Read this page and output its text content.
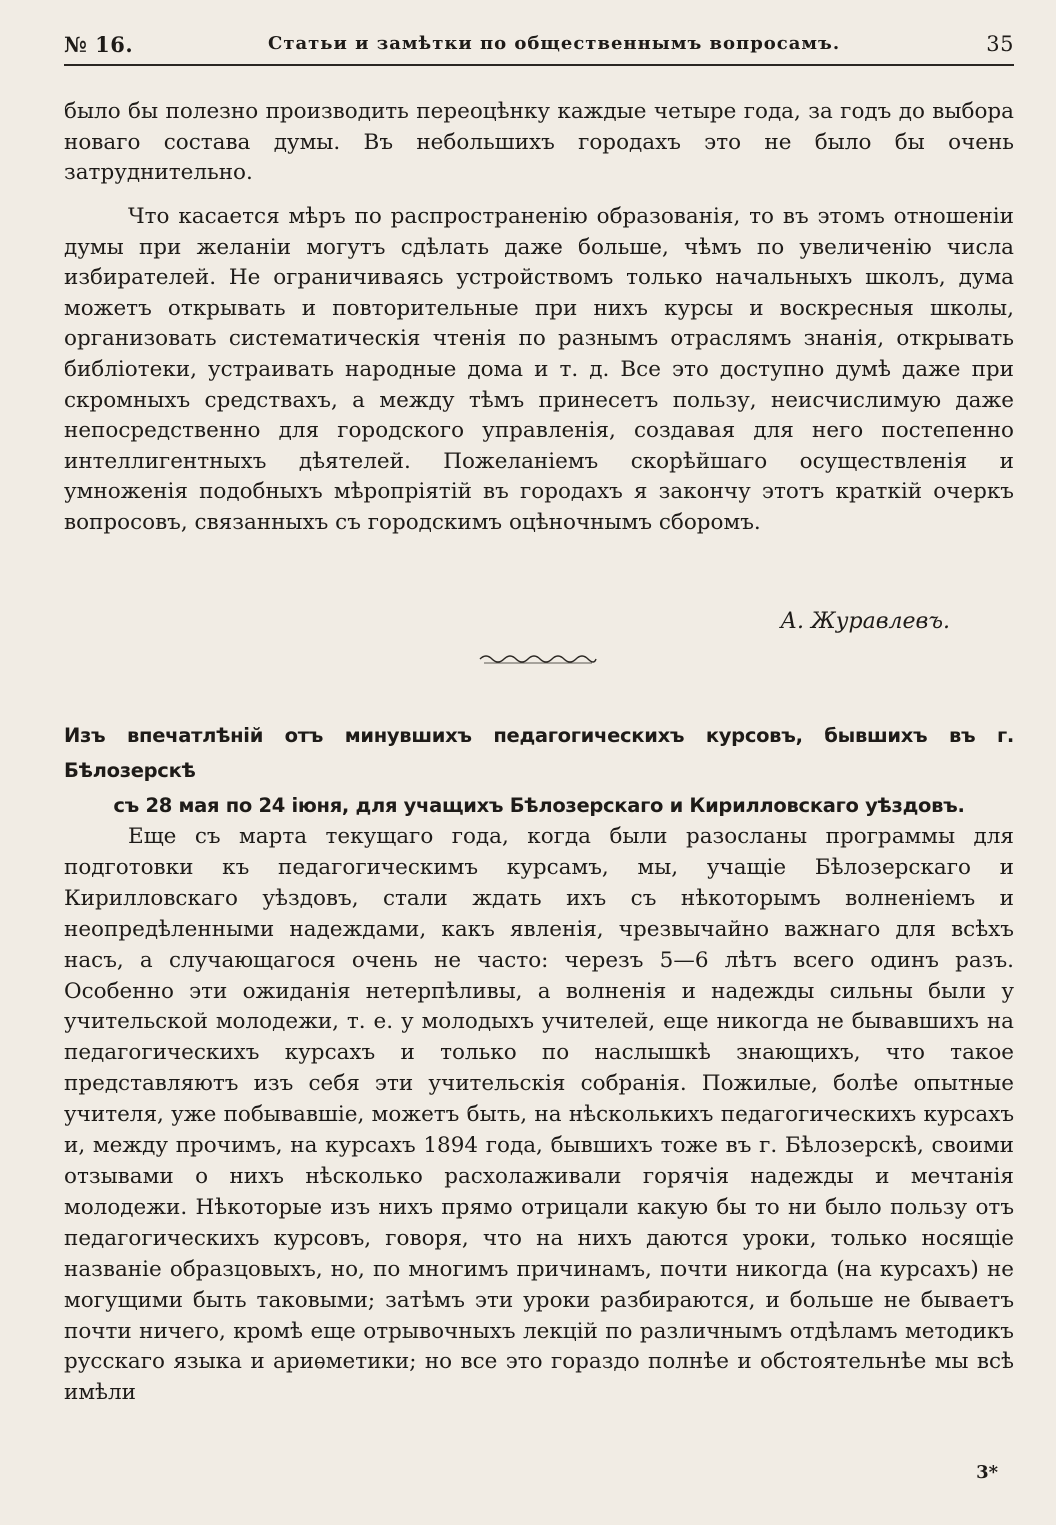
№ 16.	Статьи и замѣтки по общественнымъ вопросамъ.	35

было бы полезно производить переоцѣнку каждые четыре года, за годъ до выбора новаго состава думы. Въ небольшихъ городахъ это не было бы очень затруднительно.

Что касается мѣръ по распространенію образованія, то въ этомъ отношеніи думы при желаніи могутъ сдѣлать даже больше, чѣмъ по увеличенію числа избирателей. Не ограничиваясь устройствомъ только начальныхъ школъ, дума можетъ открывать и повторительные при нихъ курсы и воскресныя школы, организовать систематическія чтенія по разнымъ отраслямъ знанія, открывать библіотеки, устраивать народные дома и т. д. Все это доступно думѣ даже при скромныхъ средствахъ, а между тѣмъ принесетъ пользу, неисчислимую даже непосредственно для городского управленія, создавая для него постепенно интеллигентныхъ дѣятелей. Пожеланіемъ скорѣйшаго осуществленія и умноженія подобныхъ мѣропріятій въ городахъ я закончу этотъ краткій очеркъ вопросовъ, связанныхъ съ городскимъ оцѣночнымъ сборомъ.

А. Журавлевъ.
Изъ впечатлѣній отъ минувшихъ педагогическихъ курсовъ, бывшихъ въ г. Бѣлозерскѣ
съ 28 мая по 24 іюня, для учащихъ Бѣлозерскаго и Кирилловскаго уѣздовъ.

Еще съ марта текущаго года, когда были разосланы программы для подготовки къ педагогическимъ курсамъ, мы, учащіе Бѣлозерскаго и Кирилловскаго уѣздовъ, стали ждать ихъ съ нѣкоторымъ волненіемъ и неопредѣленными надеждами, какъ явленія, чрезвычайно важнаго для всѣхъ насъ, а случающагося очень не часто: черезъ 5—6 лѣтъ всего одинъ разъ. Особенно эти ожиданія нетерпѣливы, а волненія и надежды сильны были у учительской молодежи, т. е. у молодыхъ учителей, еще никогда не бывавшихъ на педагогическихъ курсахъ и только по наслышкѣ знающихъ, что такое представляютъ изъ себя эти учительскія собранія. Пожилые, болѣе опытные учителя, уже побывавшіе, можетъ быть, на нѣсколькихъ педагогическихъ курсахъ и, между прочимъ, на курсахъ 1894 года, бывшихъ тоже въ г. Бѣлозерскѣ, своими отзывами о нихъ нѣсколько расхолаживали горячія надежды и мечтанія молодежи. Нѣкоторые изъ нихъ прямо отрицали какую бы то ни было пользу отъ педагогическихъ курсовъ, говоря, что на нихъ даются уроки, только носящіе названіе образцовыхъ, но, по многимъ причинамъ, почти никогда (на курсахъ) не могущими быть таковыми; затѣмъ эти уроки разбираются, и больше не бываетъ почти ничего, кромѣ еще отрывочныхъ лекцій по различнымъ отдѣламъ методикъ русскаго языка и ариѳметики; но все это гораздо полнѣе и обстоятельнѣе мы всѣ имѣли

3*
